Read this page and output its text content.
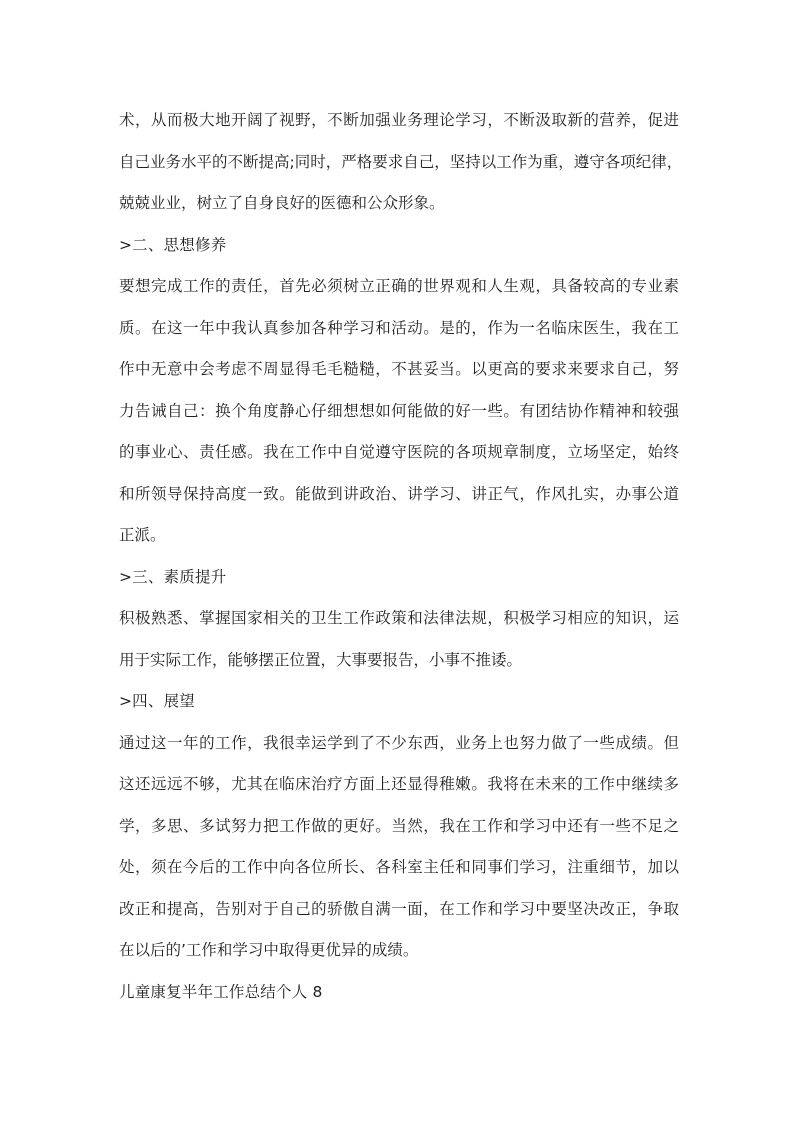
术，从而极大地开阔了视野，不断加强业务理论学习，不断汲取新的营养，促进
自己业务水平的不断提高;同时，严格要求自己，坚持以工作为重，遵守各项纪律，
兢兢业业，树立了自身良好的医德和公众形象。
>二、思想修养
要想完成工作的责任，首先必须树立正确的世界观和人生观，具备较高的专业素
质。在这一年中我认真参加各种学习和活动。是的，作为一名临床医生，我在工
作中无意中会考虑不周显得毛毛糙糙，不甚妥当。以更高的要求来要求自己，努
力告诫自己：换个角度静心仔细想想如何能做的好一些。有团结协作精神和较强
的事业心、责任感。我在工作中自觉遵守医院的各项规章制度，立场坚定，始终
和所领导保持高度一致。能做到讲政治、讲学习、讲正气，作风扎实，办事公道
正派。
>三、素质提升
积极熟悉、掌握国家相关的卫生工作政策和法律法规，积极学习相应的知识，运
用于实际工作，能够摆正位置，大事要报告，小事不推诿。
>四、展望
通过这一年的工作，我很幸运学到了不少东西，业务上也努力做了一些成绩。但
这还远远不够，尤其在临床治疗方面上还显得稚嫩。我将在未来的工作中继续多
学，多思、多试努力把工作做的更好。当然，我在工作和学习中还有一些不足之
处，须在今后的工作中向各位所长、各科室主任和同事们学习，注重细节，加以
改正和提高，告别对于自己的骄傲自满一面，在工作和学习中要坚决改正，争取
在以后的’工作和学习中取得更优异的成绩。
儿童康复半年工作总结个人 8
